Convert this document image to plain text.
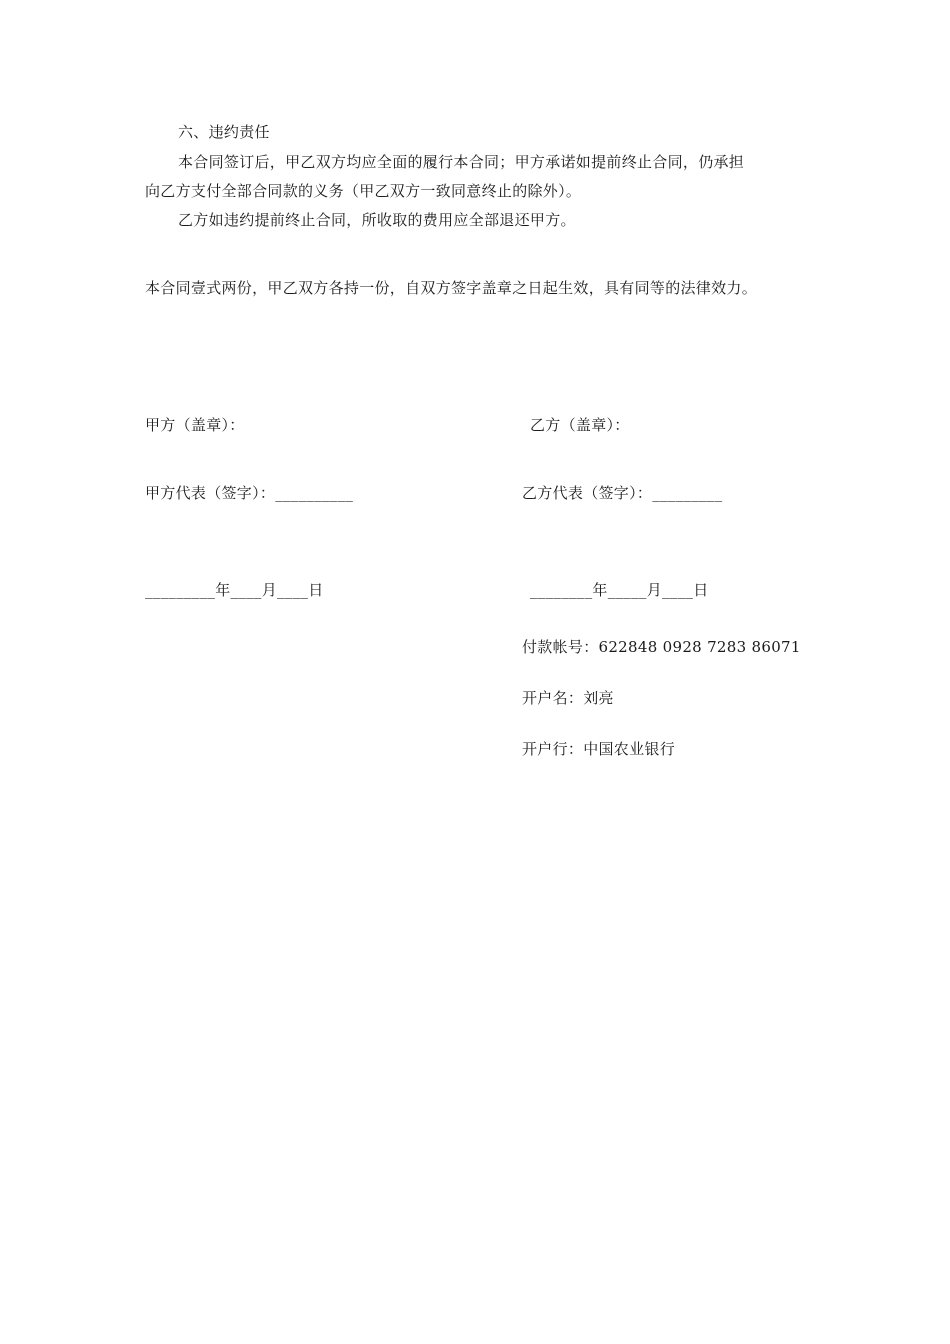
六、违约责任
本合同签订后，甲乙双方均应全面的履行本合同；甲方承诺如提前终止合同，仍承担
向乙方支付全部合同款的义务（甲乙双方一致同意终止的除外）。
乙方如违约提前终止合同，所收取的费用应全部退还甲方。
本合同壹式两份，甲乙双方各持一份，自双方签字盖章之日起生效，具有同等的法律效力。
甲方（盖章）：	乙方（盖章）：
甲方代表（签字）：__________	乙方代表（签字）：_________
_________年____月____日	________年_____月____日
付款帐号：622848 0928 7283 86071
开户名：刘亮
开户行：中国农业银行
